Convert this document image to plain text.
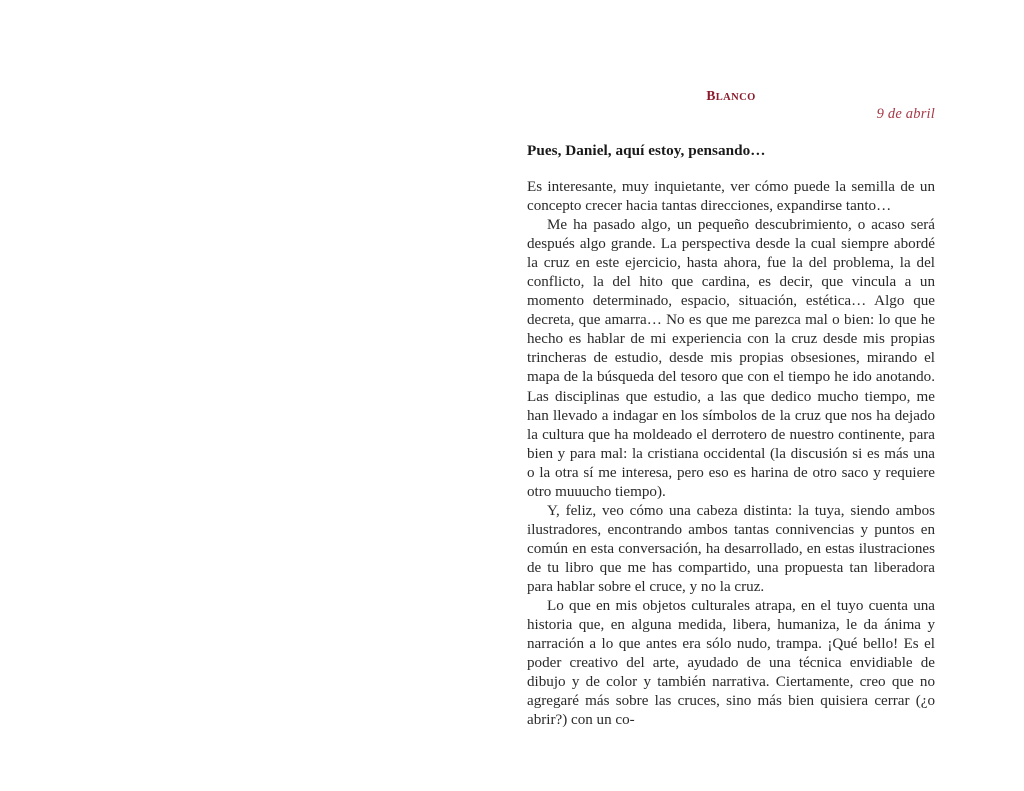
BLANCO
9 de abril
Pues, Daniel, aquí estoy, pensando…

Es interesante, muy inquietante, ver cómo puede la semilla de un concepto crecer hacia tantas direcciones, expandirse tanto…

Me ha pasado algo, un pequeño descubrimiento, o acaso será después algo grande. La perspectiva desde la cual siempre abordé la cruz en este ejercicio, hasta ahora, fue la del problema, la del conflicto, la del hito que cardina, es decir, que vincula a un momento determinado, espacio, situación, estética… Algo que decreta, que amarra… No es que me parezca mal o bien: lo que he hecho es hablar de mi experiencia con la cruz desde mis propias trincheras de estudio, desde mis propias obsesiones, mirando el mapa de la búsqueda del tesoro que con el tiempo he ido anotando. Las disciplinas que estudio, a las que dedico mucho tiempo, me han llevado a indagar en los símbolos de la cruz que nos ha dejado la cultura que ha moldeado el derrotero de nuestro continente, para bien y para mal: la cristiana occidental (la discusión si es más una o la otra sí me interesa, pero eso es harina de otro saco y requiere otro muuucho tiempo).

Y, feliz, veo cómo una cabeza distinta: la tuya, siendo ambos ilustradores, encontrando ambos tantas connivencias y puntos en común en esta conversación, ha desarrollado, en estas ilustraciones de tu libro que me has compartido, una propuesta tan liberadora para hablar sobre el cruce, y no la cruz.

Lo que en mis objetos culturales atrapa, en el tuyo cuenta una historia que, en alguna medida, libera, humaniza, le da ánima y narración a lo que antes era sólo nudo, trampa. ¡Qué bello! Es el poder creativo del arte, ayudado de una técnica envidiable de dibujo y de color y también narrativa. Ciertamente, creo que no agregaré más sobre las cruces, sino más bien quisiera cerrar (¿o abrir?) con un co-
